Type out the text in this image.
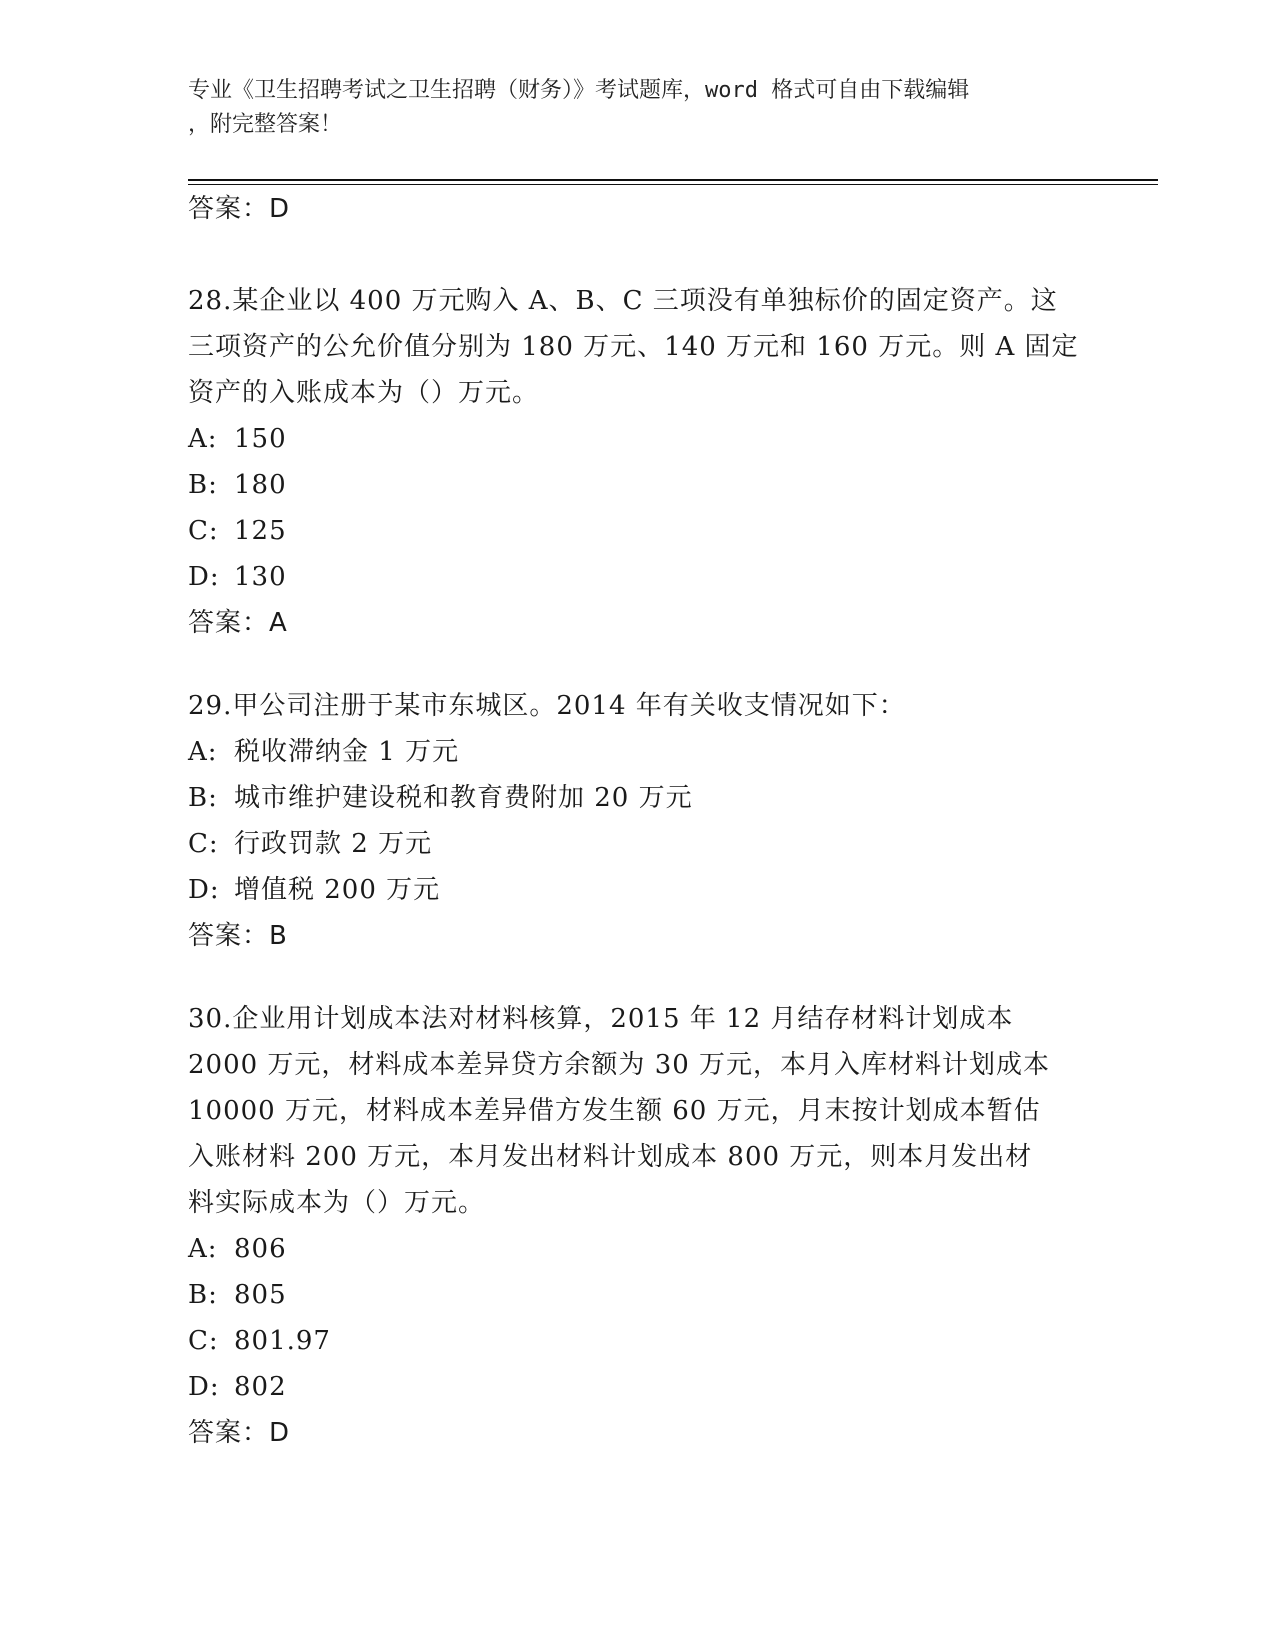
专业《卫生招聘考试之卫生招聘（财务）》考试题库，word 格式可自由下载编辑
，附完整答案！
答案：D
28.某企业以 400 万元购入 A、B、C 三项没有单独标价的固定资产。这
三项资产的公允价值分别为 180 万元、140 万元和 160 万元。则 A 固定
资产的入账成本为（）万元。
A: 150
B: 180
C: 125
D: 130
答案：A
29.甲公司注册于某市东城区。2014 年有关收支情况如下：
A: 税收滞纳金 1 万元
B: 城市维护建设税和教育费附加 20 万元
C: 行政罚款 2 万元
D: 增值税 200 万元
答案：B
30.企业用计划成本法对材料核算，2015 年 12 月结存材料计划成本
2000 万元，材料成本差异贷方余额为 30 万元，本月入库材料计划成本
10000 万元，材料成本差异借方发生额 60 万元，月末按计划成本暂估
入账材料 200 万元，本月发出材料计划成本 800 万元，则本月发出材
料实际成本为（）万元。
A: 806
B: 805
C: 801.97
D: 802
答案：D
